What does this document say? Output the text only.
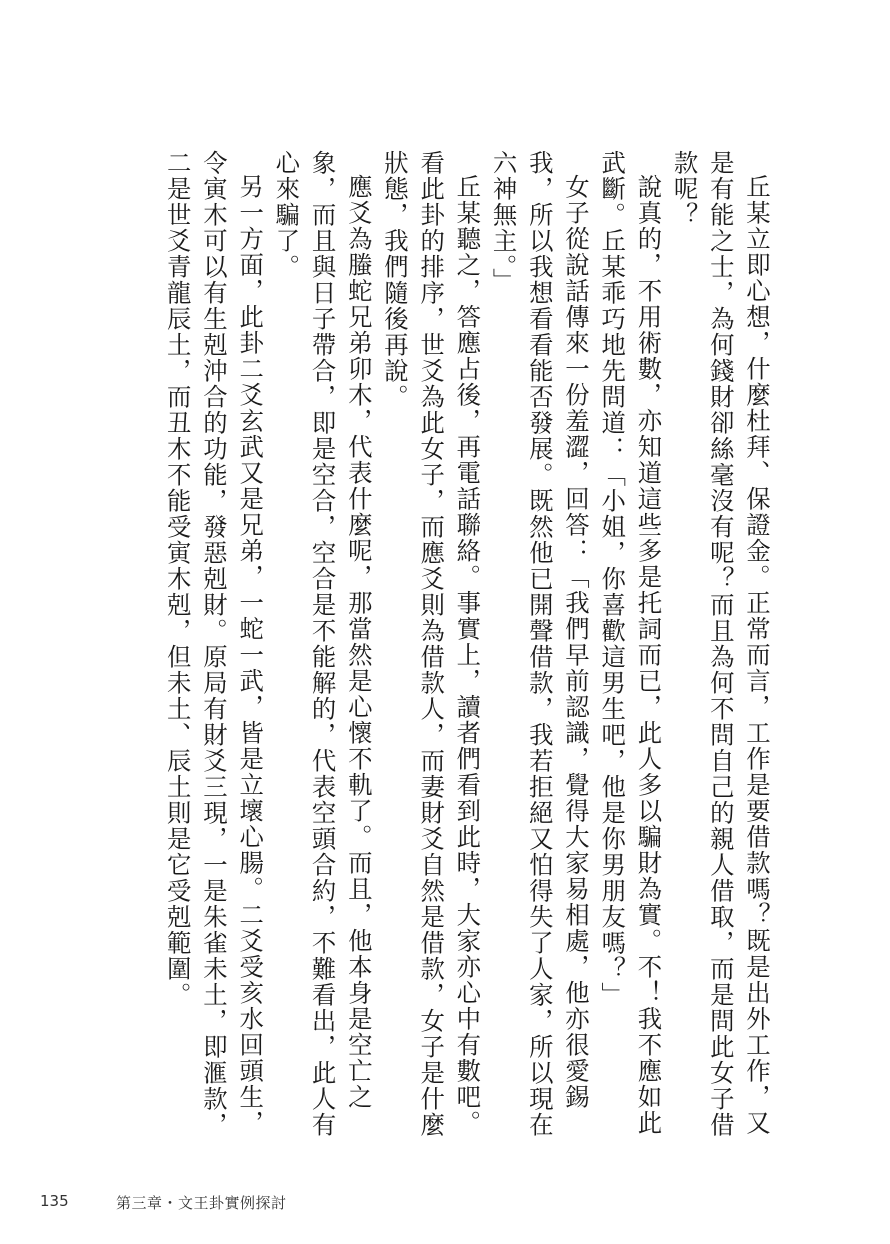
丘某立即心想，什麼杜拜、保證金。正常而言，工作是要借款嗎？既是出外工作，又是有能之士，為何錢財卻絲毫沒有呢？而且為何不問自己的親人借取，而是問此女子借款呢？

說真的，不用術數，亦知道這些多是托詞而已，此人多以騙財為實。不！我不應如此武斷。丘某乖巧地先問道：「小姐，你喜歡這男生吧，他是你男朋友嗎？」

女子從說話傳來一份羞澀，回答：「我們早前認識，覺得大家易相處，他亦很愛錫我，所以我想看看能否發展。既然他已開聲借款，我若拒絕又怕得失了人家，所以現在六神無主。」

丘某聽之，答應占後，再電話聯絡。事實上，讀者們看到此時，大家亦心中有數吧。看此卦的排序，世爻為此女子，而應爻則為借款人，而妻財爻自然是借款，女子是什麼狀態，我們隨後再說。

應爻為螣蛇兄弟卯木，代表什麼呢，那當然是心懷不軌了。而且，他本身是空亡之象，而且與日子帶合，即是空合，空合是不能解的，代表空頭合約，不難看出，此人有心來騙了。

另一方面，此卦二爻玄武又是兄弟，一蛇一武，皆是立壞心腸。二爻受亥水回頭生，令寅木可以有生剋沖合的功能，發惡剋財。原局有財爻三現，一是朱雀未土，即滙款，二是世爻青龍辰土，而丑木不能受寅木剋，但未土、辰土則是它受剋範圍。

135	第三章・文王卦實例探討
